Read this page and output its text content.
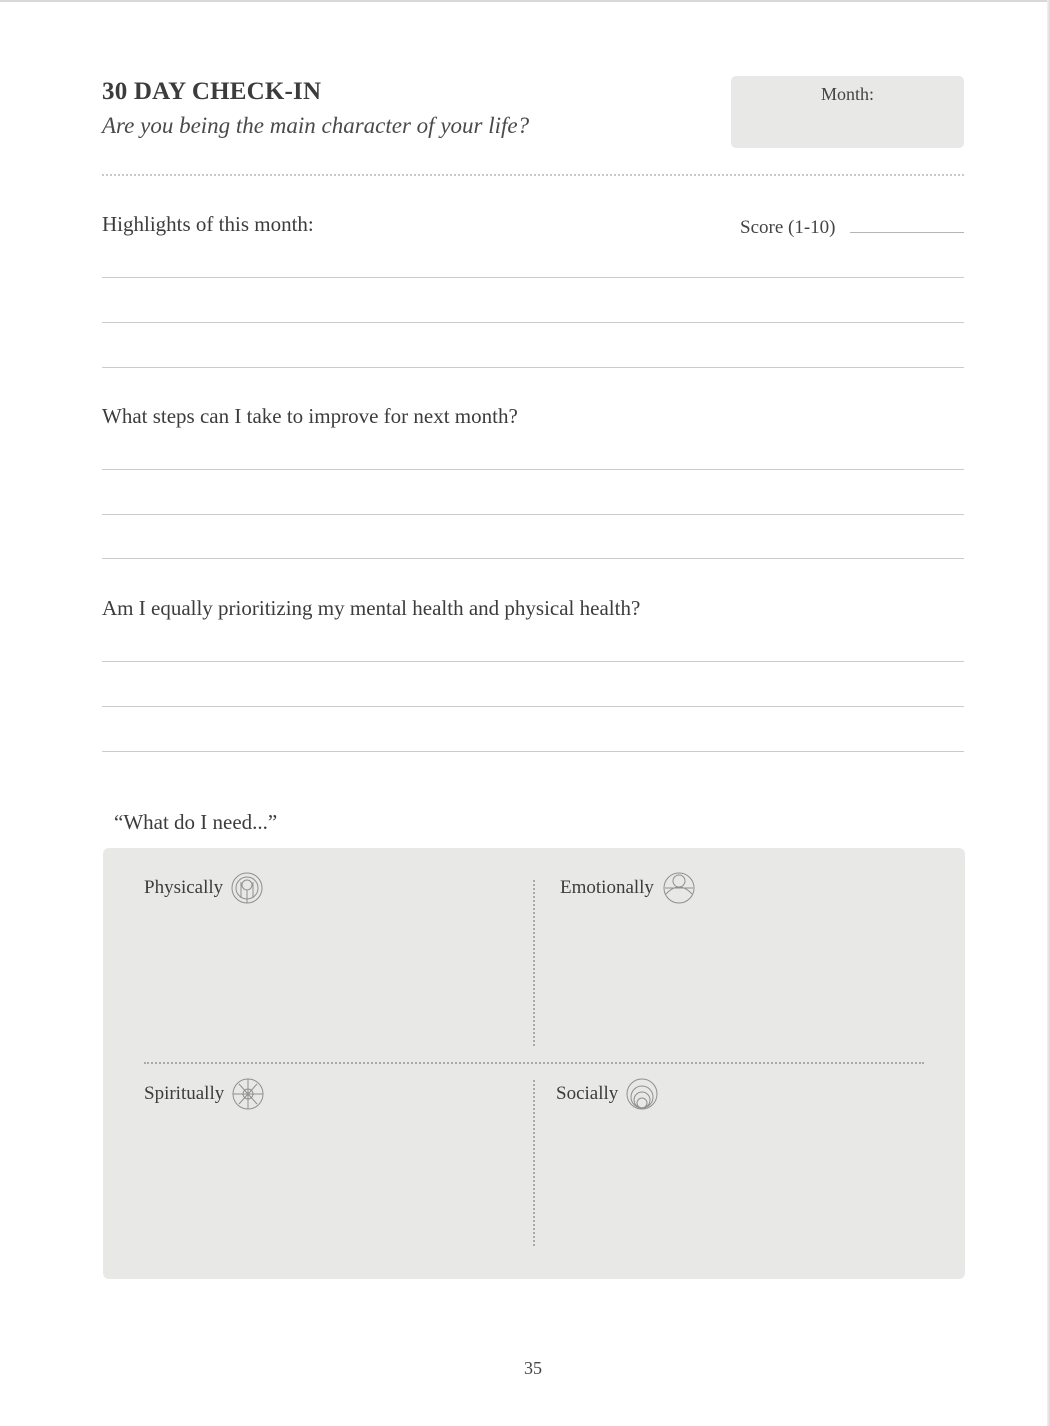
30 DAY CHECK-IN

Are you being the main character of your life?

Month:
Highlights of this month:	Score (1-10)
What steps can I take to improve for next month?
Am I equally prioritizing my mental health and physical health?
“What do I need...”
Physically	Emotionally
Spiritually	Socially
35
